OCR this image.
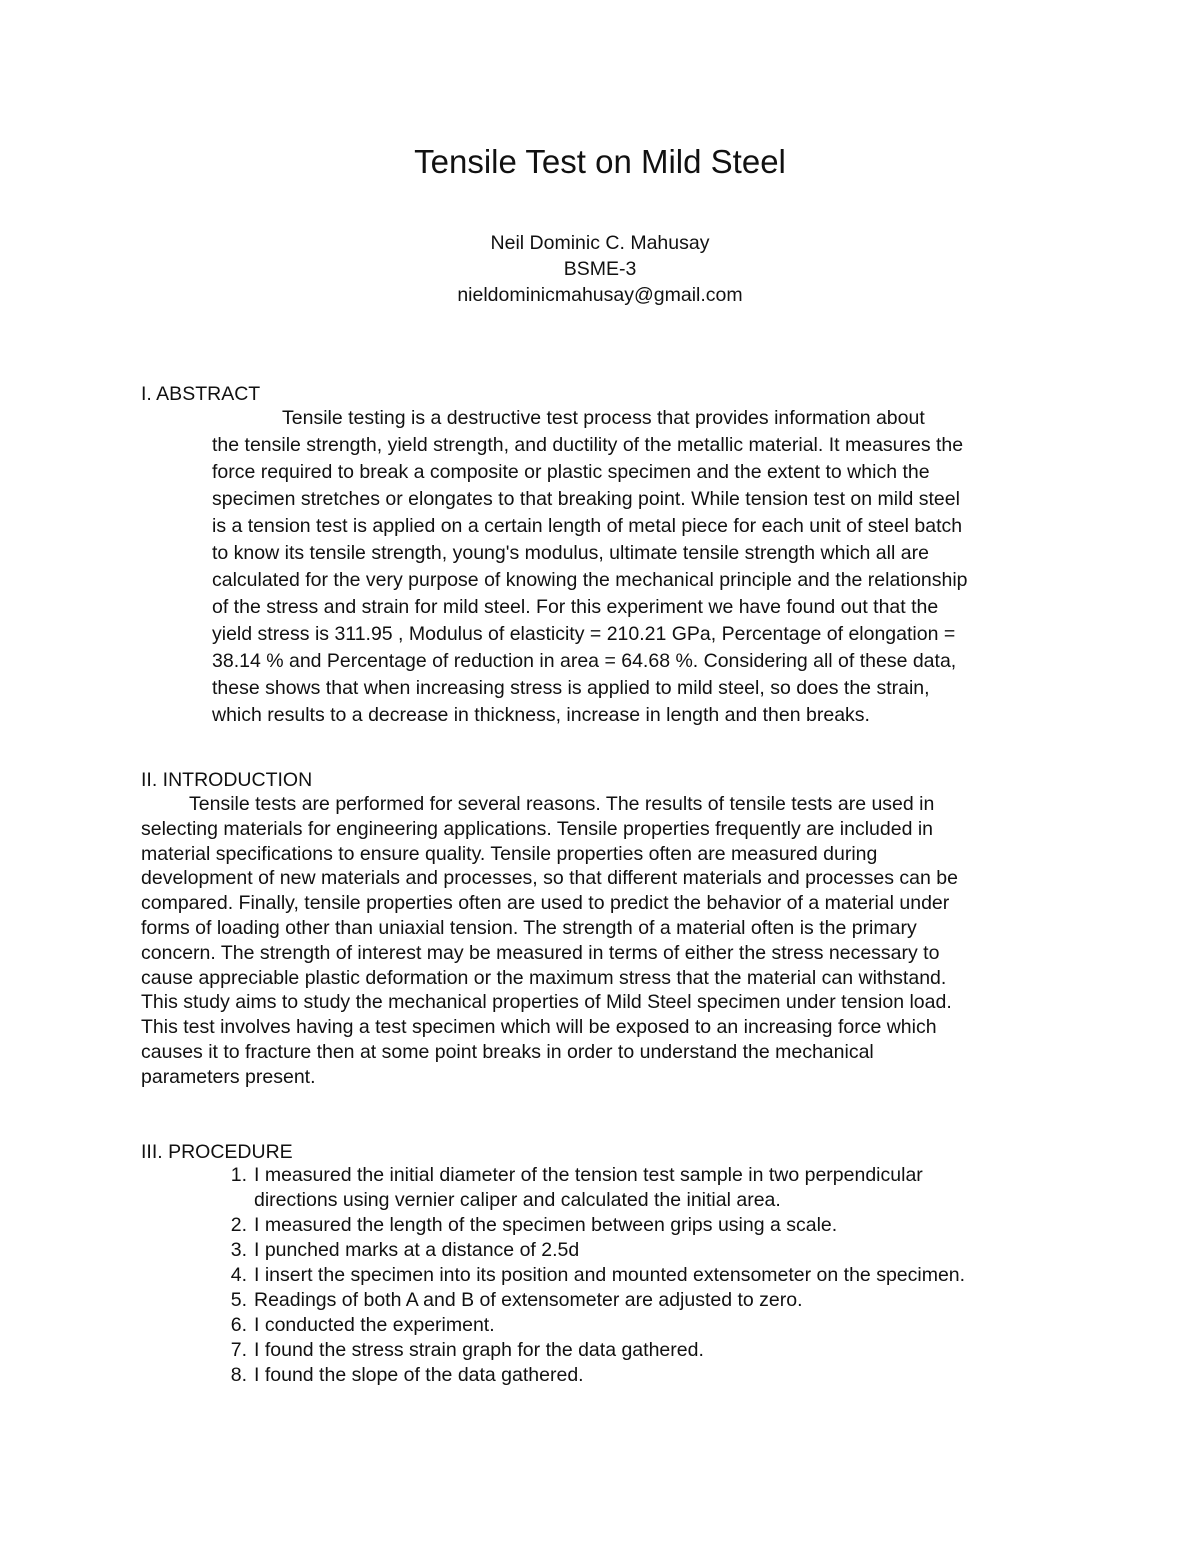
Tensile Test on Mild Steel
Neil Dominic C. Mahusay
BSME-3
nieldominicmahusay@gmail.com
I. ABSTRACT
Tensile testing is a destructive test process that provides information about
the tensile strength, yield strength, and ductility of the metallic material. It measures the
force required to break a composite or plastic specimen and the extent to which the
specimen stretches or elongates to that breaking point. While tension test on mild steel
is a tension test is applied on a certain length of metal piece for each unit of steel batch
to know its tensile strength, young's modulus, ultimate tensile strength which all are
calculated for the very purpose of knowing the mechanical principle and the relationship
of the stress and strain for mild steel. For this experiment we have found out that the
yield stress is 311.95 , Modulus of elasticity = 210.21 GPa, Percentage of elongation =
38.14 % and Percentage of reduction in area = 64.68 %. Considering all of these data,
these shows that when increasing stress is applied to mild steel, so does the strain,
which results to a decrease in thickness, increase in length and then breaks.
II. INTRODUCTION
Tensile tests are performed for several reasons. The results of tensile tests are used in
selecting materials for engineering applications. Tensile properties frequently are included in
material specifications to ensure quality. Tensile properties often are measured during
development of new materials and processes, so that different materials and processes can be
compared. Finally, tensile properties often are used to predict the behavior of a material under
forms of loading other than uniaxial tension. The strength of a material often is the primary
concern. The strength of interest may be measured in terms of either the stress necessary to
cause appreciable plastic deformation or the maximum stress that the material can withstand.
This study aims to study the mechanical properties of Mild Steel specimen under tension load.
This test involves having a test specimen which will be exposed to an increasing force which
causes it to fracture then at some point breaks in order to understand the mechanical
parameters present.
III. PROCEDURE
1. I measured the initial diameter of the tension test sample in two perpendicular
directions using vernier caliper and calculated the initial area.
2. I measured the length of the specimen between grips using a scale.
3. I punched marks at a distance of 2.5d
4. I insert the specimen into its position and mounted extensometer on the specimen.
5. Readings of both A and B of extensometer are adjusted to zero.
6. I conducted the experiment.
7. I found the stress strain graph for the data gathered.
8. I found the slope of the data gathered.
